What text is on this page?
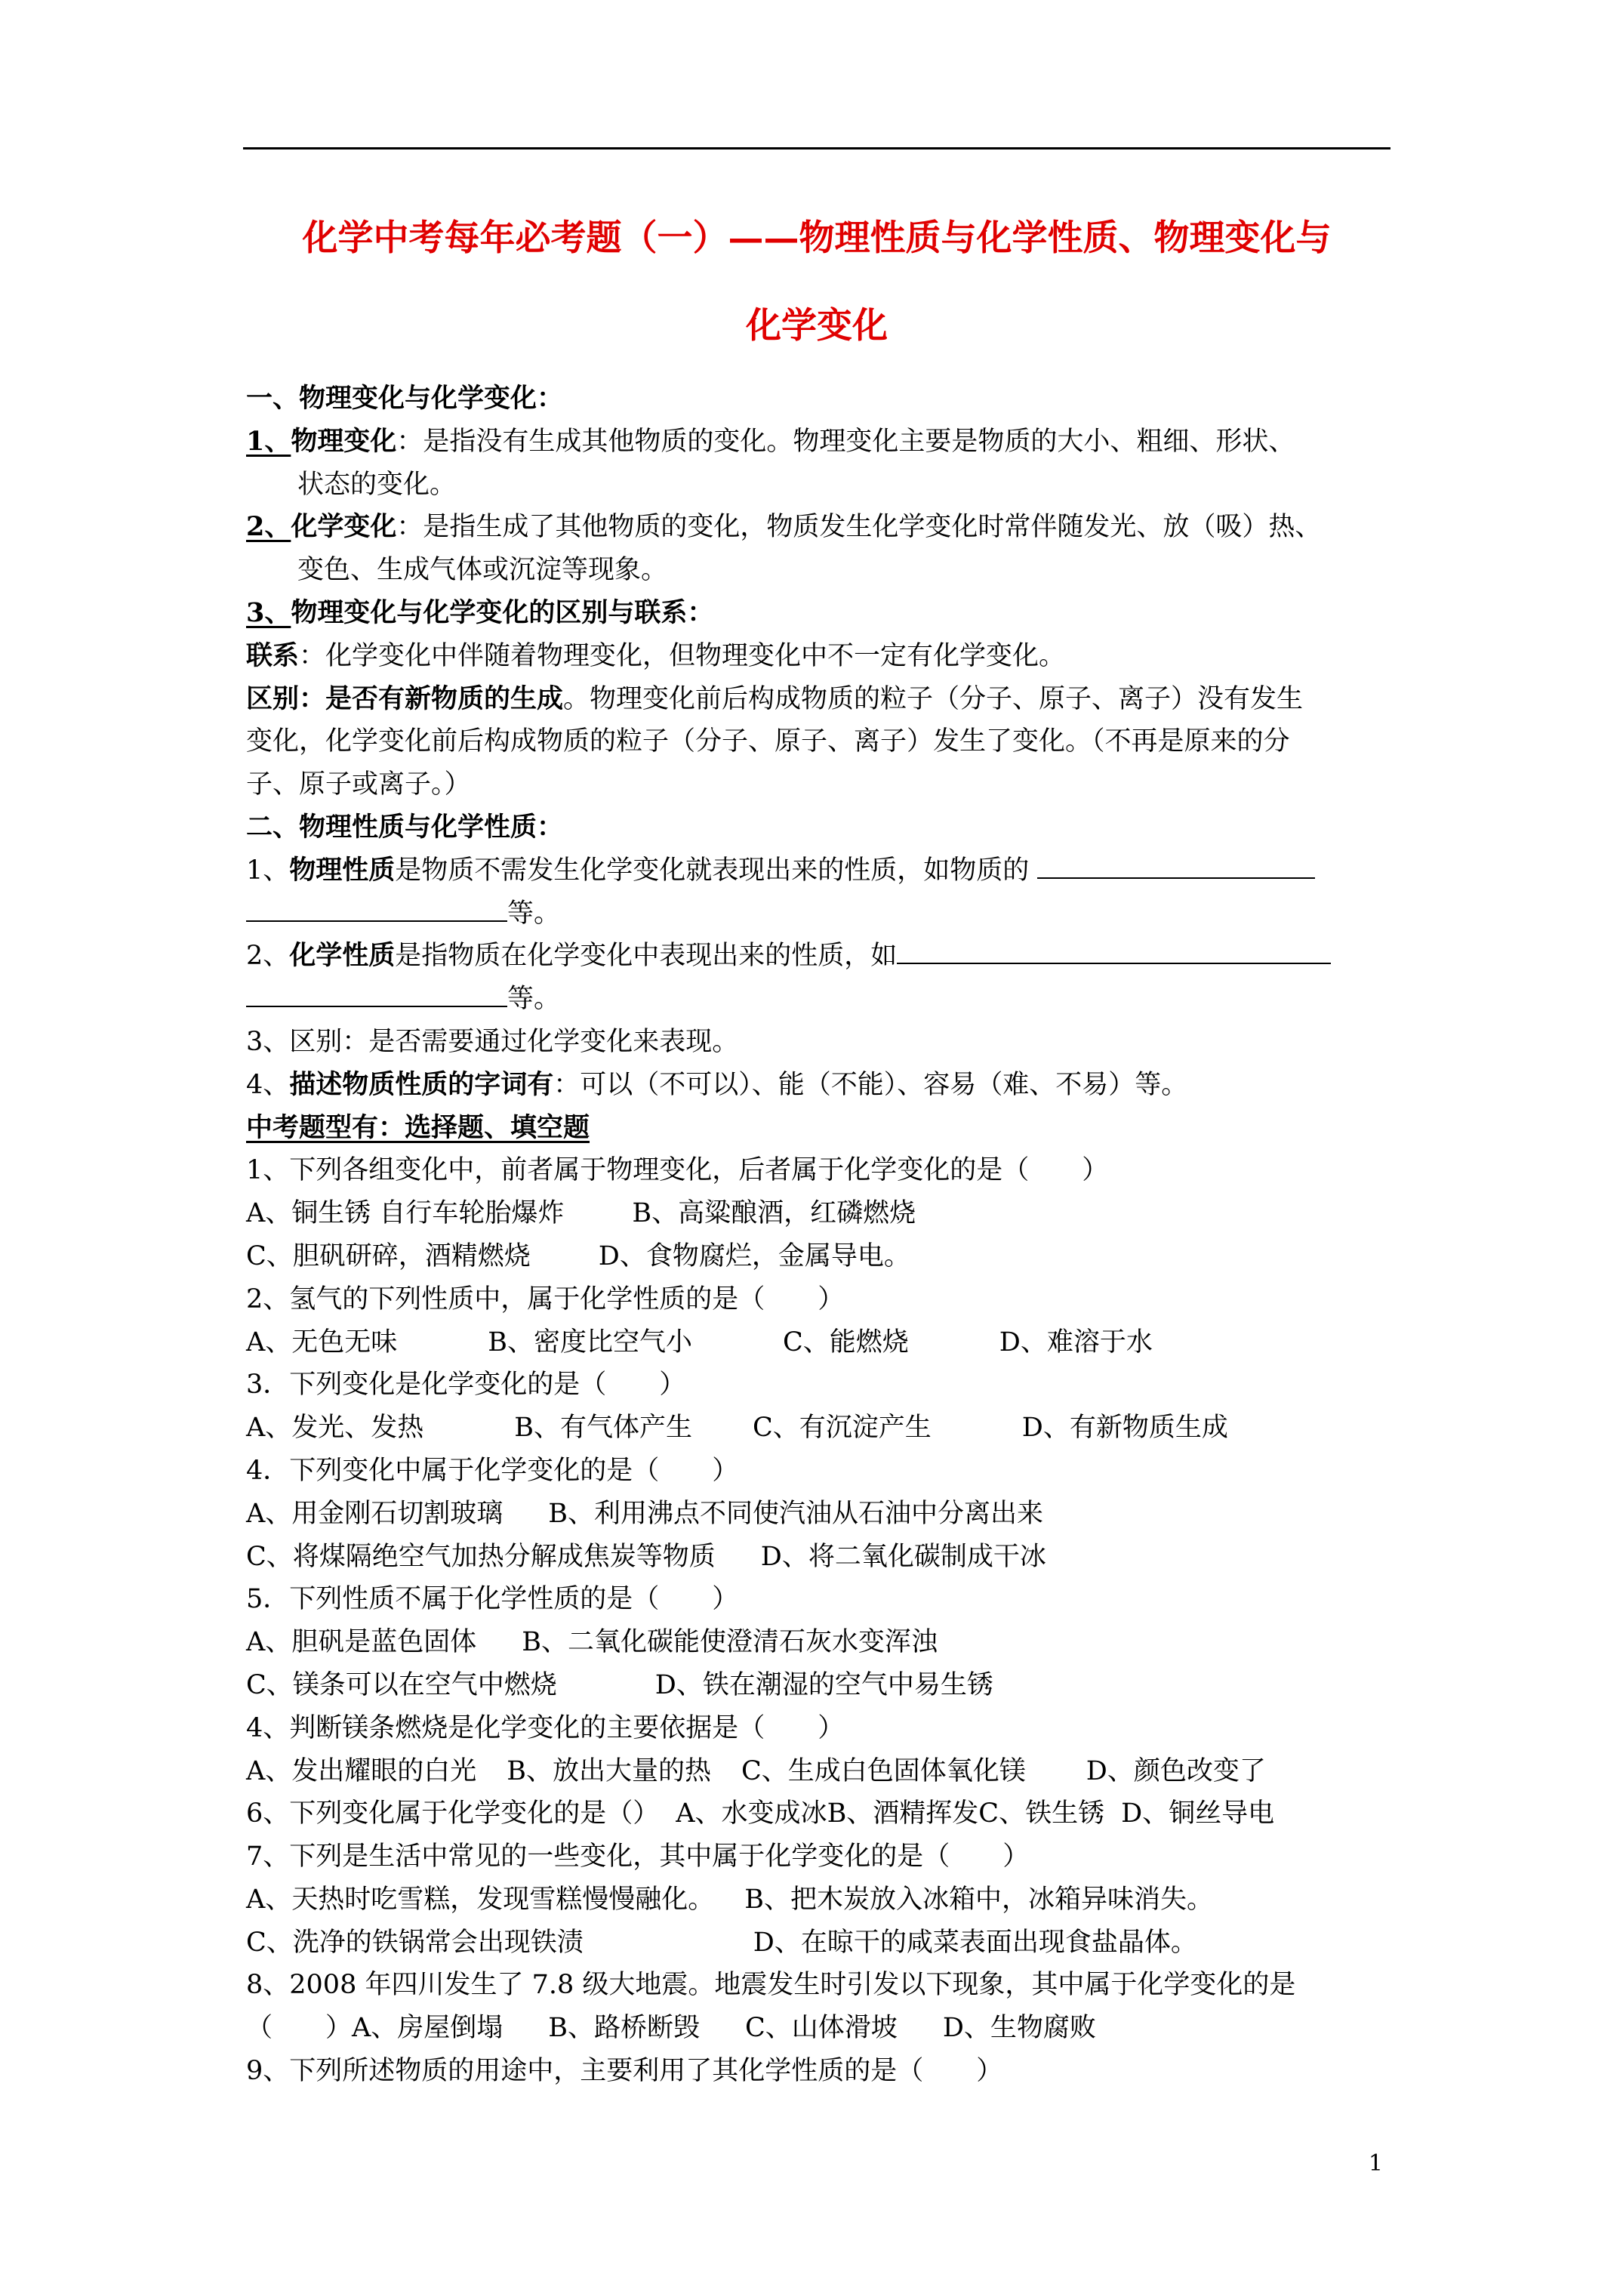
化学中考每年必考题（一）——物理性质与化学性质、物理变化与
化学变化
一、物理变化与化学变化：
1、物理变化：是指没有生成其他物质的变化。物理变化主要是物质的大小、粗细、形状、
状态的变化。
2、化学变化：是指生成了其他物质的变化，物质发生化学变化时常伴随发光、放（吸）热、
变色、生成气体或沉淀等现象。
3、物理变化与化学变化的区别与联系：
联系：化学变化中伴随着物理变化，但物理变化中不一定有化学变化。
区别：是否有新物质的生成。物理变化前后构成物质的粒子（分子、原子、离子）没有发生
变化，化学变化前后构成物质的粒子（分子、原子、离子）发生了变化。（不再是原来的分
子、原子或离子。）
二、物理性质与化学性质：
1、物理性质是物质不需发生化学变化就表现出来的性质，如物质的
等。
2、化学性质是指物质在化学变化中表现出来的性质，如
等。
3、区别：是否需要通过化学变化来表现。
4、描述物质性质的字词有：可以（不可以）、能（不能）、容易（难、不易）等。
中考题型有：选择题、填空题
1、下列各组变化中，前者属于物理变化，后者属于化学变化的是（　　）
A、铜生锈 自行车轮胎爆炸	B、高粱酿酒，红磷燃烧
C、胆矾研碎，酒精燃烧	D、食物腐烂，金属导电。
2、氢气的下列性质中，属于化学性质的是（　　）
A、无色无味	B、密度比空气小	C、能燃烧	D、难溶于水
3．下列变化是化学变化的是（　　）
A、发光、发热	B、有气体产生 C、有沉淀产生	D、有新物质生成
4．下列变化中属于化学变化的是（　　）
A、用金刚石切割玻璃 B、利用沸点不同使汽油从石油中分离出来
C、将煤隔绝空气加热分解成焦炭等物质 D、将二氧化碳制成干冰
5．下列性质不属于化学性质的是（　　）
A、胆矾是蓝色固体 B、二氧化碳能使澄清石灰水变浑浊
C、镁条可以在空气中燃烧	D、铁在潮湿的空气中易生锈
4、判断镁条燃烧是化学变化的主要依据是（　　）
A、发出耀眼的白光 B、放出大量的热 C、生成白色固体氧化镁 D、颜色改变了
6、下列变化属于化学变化的是（） A、水变成冰B、酒精挥发C、铁生锈 D、铜丝导电
7、下列是生活中常见的一些变化，其中属于化学变化的是（　　）
A、天热时吃雪糕，发现雪糕慢慢融化。 B、把木炭放入冰箱中，冰箱异味消失。
C、洗净的铁锅常会出现铁渍	D、在晾干的咸菜表面出现食盐晶体。
8、2008 年四川发生了 7.8 级大地震。地震发生时引发以下现象，其中属于化学变化的是
（　　）A、房屋倒塌 B、路桥断毁 C、山体滑坡 D、生物腐败
9、下列所述物质的用途中，主要利用了其化学性质的是（　　）
1
